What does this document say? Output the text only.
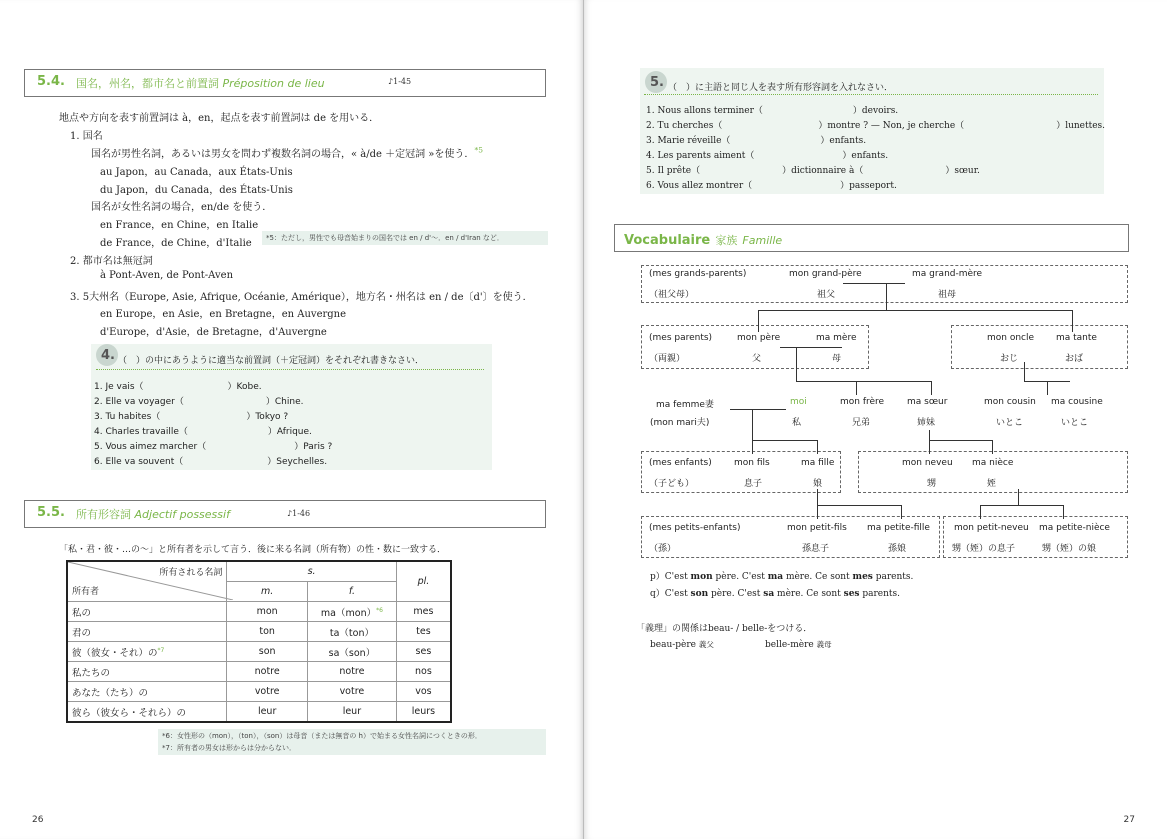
5.4. 国名，州名，都市名と前置詞 Préposition de lieu	♪1-45
地点や方向を表す前置詞は à，en，起点を表す前置詞は de を用いる．
1. 国名
国名が男性名詞，あるいは男女を問わず複数名詞の場合，« à/de ＋定冠詞 »を使う．$^{*5}$
au Japon，au Canada，aux États-Unis
du Japon，du Canada，des États-Unis
国名が女性名詞の場合，en/de を使う．
en France，en Chine，en Italie
de France，de Chine，d'Italie	*5：ただし，男性でも母音始まりの国名では en / d'〜．en / d'Iran など．
2. 都市名は無冠詞
à Pont-Aven, de Pont-Aven
3. 5大州名（Europe, Asie, Afrique, Océanie, Amérique），地方名・州名は en / de〔d'〕を使う．
en Europe，en Asie，en Bretagne，en Auvergne
d'Europe，d'Asie，de Bretagne，d'Auvergne
4. （　）の中にあうように適当な前置詞（＋定冠詞）をそれぞれ書きなさい．
1. Je vais（	）Kobe.
2. Elle va voyager（	）Chine.
3. Tu habites（	）Tokyo ?
4. Charles travaille（	）Afrique.
5. Vous aimez marcher（	）Paris ?
6. Elle va souvent（	）Seychelles.
5.5. 所有形容詞 Adjectif possessif	♪1-46
「私・君・彼・…の〜」と所有者を示して言う．後に来る名詞（所有物）の性・数に一致する．
所有される名詞
所有者	s.		pl.
	m.	f.	
私の	mon	ma（mon）$^{*6}$	mes
君の	ton	ta（ton）	tes
彼（彼女・それ）の$^{*7}$	son	sa（son）	ses
私たちの	notre	notre	nos
あなた（たち）の	votre	votre	vos
彼ら（彼女ら・それら）の	leur	leur	leurs
*6：女性形の（mon），（ton），（son）は母音（または無音の h）で始まる女性名詞につくときの形．
*7：所有者の男女は形からは分からない．
26
5. （　）に主語と同じ人を表す所有形容詞を入れなさい．
1. Nous allons terminer（	）devoirs.
2. Tu cherches（	）montre ? — Non, je cherche（	）lunettes.
3. Marie réveille（	）enfants.
4. Les parents aiment（	）enfants.
5. Il prête（	）dictionnaire à（	）sœur.
6. Vous allez montrer（	）passeport.
Vocabulaire 家族 Famille
(mes grands-parents)
（祖父母）
mon grand-père
祖父
ma grand-mère
祖母
(mes parents)
（両親）
mon père
父
ma mère
母
mon oncle
おじ
ma tante
おば
ma femme妻
(mon mari夫)
moi
私
mon frère
兄弟
ma sœur
姉妹
mon cousin
いとこ
ma cousine
いとこ
(mes enfants)
（子ども）
mon fils
息子
ma fille
娘
mon neveu
甥
ma nièce
姪
(mes petits-enfants)
（孫）
mon petit-fils
孫息子
ma petite-fille
孫娘
mon petit-neveu
甥（姪）の息子
ma petite-nièce
甥（姪）の娘
p）C'est mon père. C'est ma mère. Ce sont mes parents.
q）C'est son père. C'est sa mère. Ce sont ses parents.
「義理」の関係はbeau- / belle-をつける．
beau-père 義父	belle-mère 義母
27
